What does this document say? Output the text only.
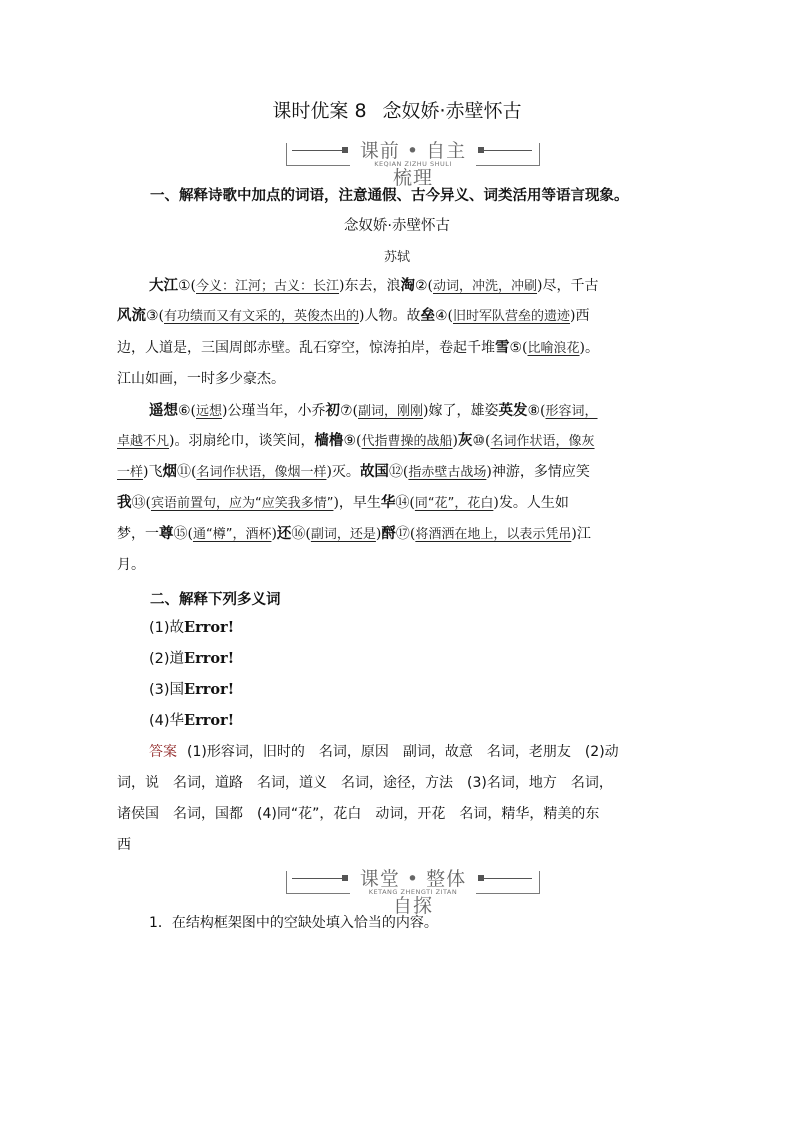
课时优案 8 念奴娇·赤壁怀古
课前 • 自主梳理
KEQIAN ZIZHU SHULI
一、解释诗歌中加点的词语，注意通假、古今异义、词类活用等语言现象。
念奴娇·赤壁怀古
苏轼
大江①(今义：江河；古义：长江)东去，浪淘②(动词，冲洗，冲刷)尽，千古
风流③(有功绩而又有文采的，英俊杰出的)人物。故垒④(旧时军队营垒的遗迹)西
边，人道是，三国周郎赤壁。乱石穿空，惊涛拍岸，卷起千堆雪⑤(比喻浪花)。
江山如画，一时多少豪杰。
遥想⑥(远想)公瑾当年，小乔初⑦(副词，刚刚)嫁了，雄姿英发⑧(形容词，
卓越不凡)。羽扇纶巾，谈笑间，樯橹⑨(代指曹操的战船)灰⑩(名词作状语，像灰
一样)飞烟⑪(名词作状语，像烟一样)灭。故国⑫(指赤壁古战场)神游，多情应笑
我⑬(宾语前置句，应为“应笑我多情”)，早生华⑭(同“花”，花白)发。人生如
梦，一尊⑮(通“樽”，酒杯)还⑯(副词，还是)酹⑰(将酒洒在地上，以表示凭吊)江
月。
二、解释下列多义词
(1)故Error!
(2)道Error!
(3)国Error!
(4)华Error!
答案 (1)形容词，旧时的　名词，原因　副词，故意　名词，老朋友　(2)动
词，说　名词，道路　名词，道义　名词，途径，方法　(3)名词，地方　名词，
诸侯国　名词，国都　(4)同“花”，花白　动词，开花　名词，精华，精美的东
西
课堂 • 整体自探
KETANG ZHENGTI ZITAN
1．在结构框架图中的空缺处填入恰当的内容。
